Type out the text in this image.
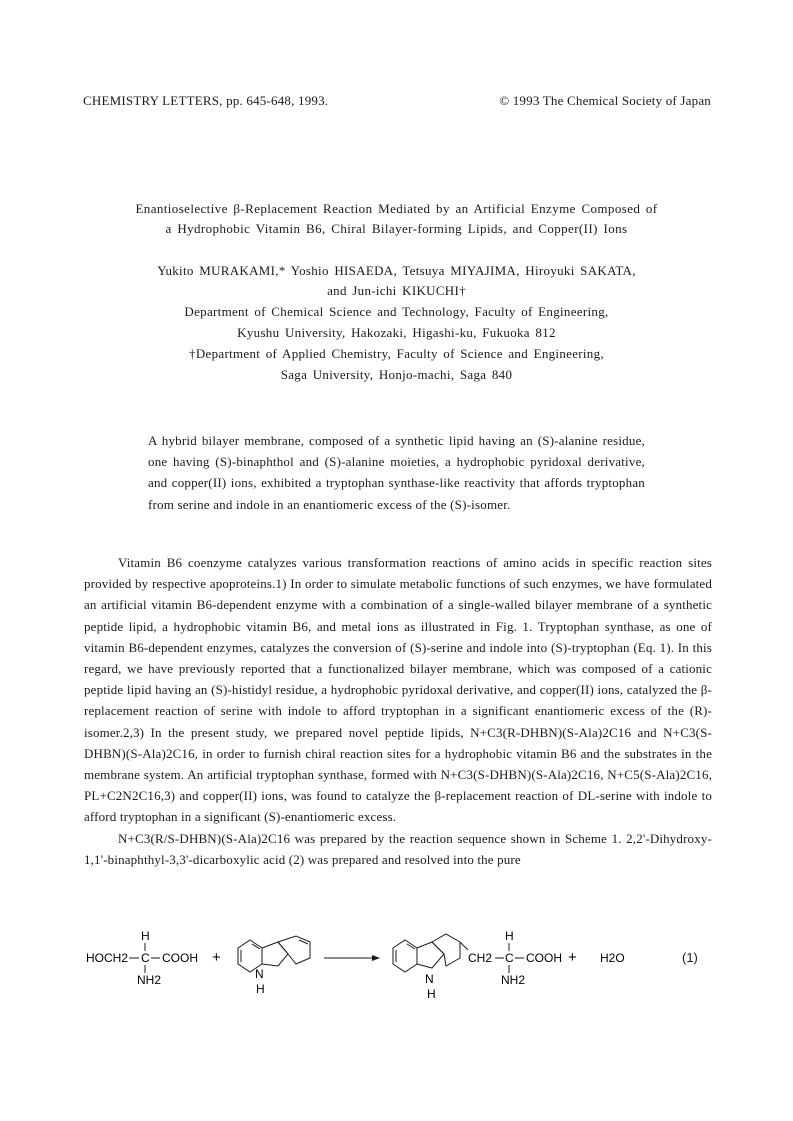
CHEMISTRY LETTERS, pp. 645-648, 1993.	© 1993 The Chemical Society of Japan
Enantioselective β-Replacement Reaction Mediated by an Artificial Enzyme Composed of
a Hydrophobic Vitamin B6, Chiral Bilayer-forming Lipids, and Copper(II) Ions
Yukito MURAKAMI,* Yoshio HISAEDA, Tetsuya MIYAJIMA, Hiroyuki SAKATA,
and Jun-ichi KIKUCHI†
Department of Chemical Science and Technology, Faculty of Engineering,
Kyushu University, Hakozaki, Higashi-ku, Fukuoka 812
†Department of Applied Chemistry, Faculty of Science and Engineering,
Saga University, Honjo-machi, Saga 840
A hybrid bilayer membrane, composed of a synthetic lipid having an (S)-alanine residue, one having (S)-binaphthol and (S)-alanine moieties, a hydrophobic pyridoxal derivative, and copper(II) ions, exhibited a tryptophan synthase-like reactivity that affords tryptophan from serine and indole in an enantiomeric excess of the (S)-isomer.

Vitamin B6 coenzyme catalyzes various transformation reactions of amino acids in specific reaction sites provided by respective apoproteins.1) In order to simulate metabolic functions of such enzymes, we have formulated an artificial vitamin B6-dependent enzyme with a combination of a single-walled bilayer membrane of a synthetic peptide lipid, a hydrophobic vitamin B6, and metal ions as illustrated in Fig. 1. Tryptophan synthase, as one of vitamin B6-dependent enzymes, catalyzes the conversion of (S)-serine and indole into (S)-tryptophan (Eq. 1). In this regard, we have previously reported that a functionalized bilayer membrane, which was composed of a cationic peptide lipid having an (S)-histidyl residue, a hydrophobic pyridoxal derivative, and copper(II) ions, catalyzed the β-replacement reaction of serine with indole to afford tryptophan in a significant enantiomeric excess of the (R)-isomer.2,3) In the present study, we prepared novel peptide lipids, N+C3(R-DHBN)(S-Ala)2C16 and N+C3(S-DHBN)(S-Ala)2C16, in order to furnish chiral reaction sites for a hydrophobic vitamin B6 and the substrates in the membrane system. An artificial tryptophan synthase, formed with N+C3(S-DHBN)(S-Ala)2C16, N+C5(S-Ala)2C16, PL+C2N2C16,3) and copper(II) ions, was found to catalyze the β-replacement reaction of DL-serine with indole to afford tryptophan in a significant (S)-enantiomeric excess.

N+C3(R/S-DHBN)(S-Ala)2C16 was prepared by the reaction sequence shown in Scheme 1. 2,2'-Dihydroxy-1,1'-binaphthyl-3,3'-dicarboxylic acid (2) was prepared and resolved into the pure

HOCH2
H
C COOH
NH2
+
N
H
N
H
CH2
H
C COOH
NH2
+ H2O	(1)
